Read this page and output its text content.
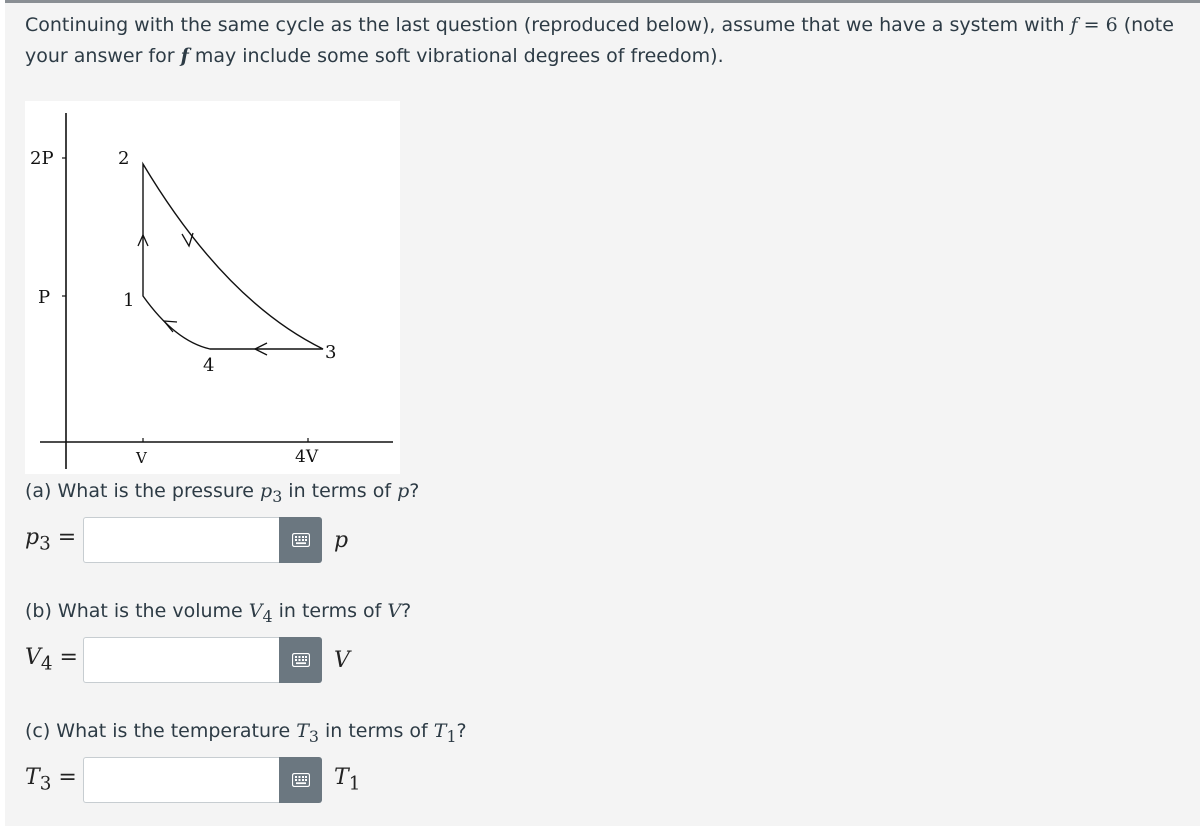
Continuing with the same cycle as the last question (reproduced below), assume that we have a system with f = 6 (note your answer for f may include some soft vibrational degrees of freedom).

2P
P
V	4V
1
2
3
4

(a) What is the pressure $p_3$ in terms of p?

$p_3$ =	p

(b) What is the volume $V_4$ in terms of V?

$V_4$ =	V

(c) What is the temperature $T_3$ in terms of $T_1$?

$T_3$ =	$T_1$
